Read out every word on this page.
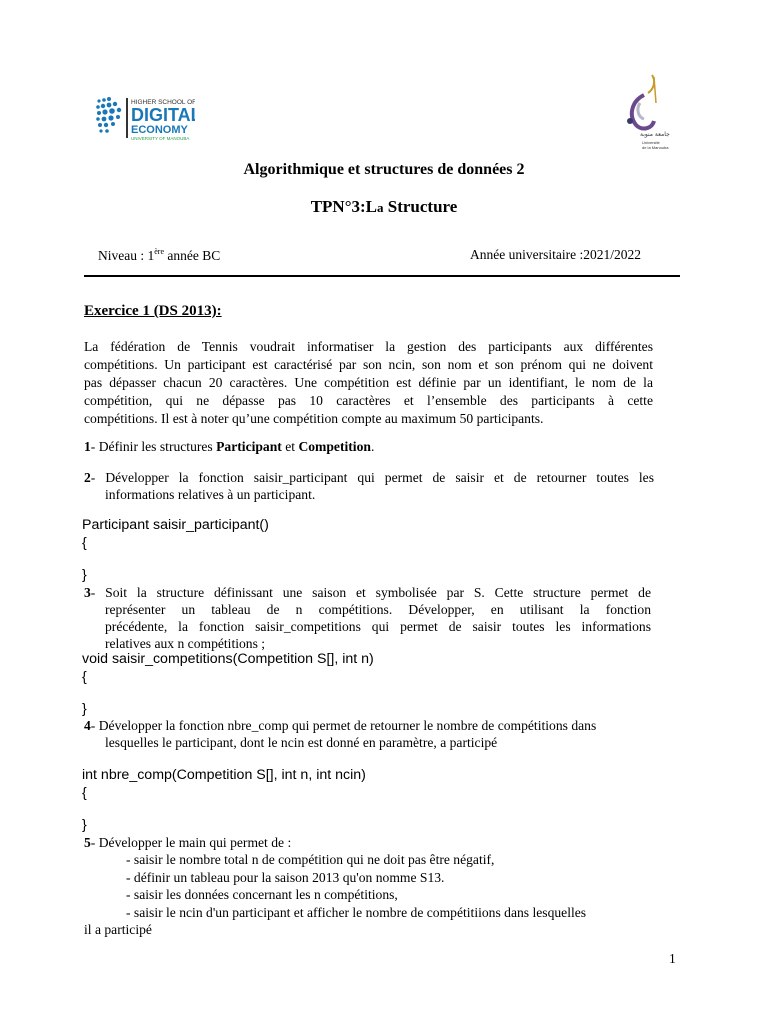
HIGHER SCHOOL OF
DIGITAL
ECONOMY
UNIVERSITY OF MANOUBA
جامعة منوبة
Université
de la Manouba
Algorithmique et structures de données 2
TPN°3:La Structure
Niveau : 1ère année BC	Année universitaire :2021/2022
Exercice 1 (DS 2013):
La fédération de Tennis voudrait informatiser la gestion des participants aux différentes
compétitions. Un participant est caractérisé par son ncin, son nom et son prénom qui ne doivent
pas dépasser chacun 20 caractères. Une compétition est définie par un identifiant, le nom de la
compétition, qui ne dépasse pas 10 caractères et l’ensemble des participants à cette
compétitions. Il est à noter qu’une compétition compte au maximum 50 participants.
1- Définir les structures Participant et Competition.
2- Développer la fonction saisir_participant qui permet de saisir et de retourner toutes les
informations relatives à un participant.
Participant saisir_participant()
{
}
3- Soit la structure définissant une saison et symbolisée par S. Cette structure permet de
représenter un tableau de n compétitions. Développer, en utilisant la fonction
précédente, la fonction saisir_competitions qui permet de saisir toutes les informations
relatives aux n compétitions ;
void saisir_competitions(Competition S[], int n)
{
}
4- Développer la fonction nbre_comp qui permet de retourner le nombre de compétitions dans
lesquelles le participant, dont le ncin est donné en paramètre, a participé
int nbre_comp(Competition S[], int n, int ncin)
{
}
5- Développer le main qui permet de :
- saisir le nombre total n de compétition qui ne doit pas être négatif,
- définir un tableau pour la saison 2013 qu'on nomme S13.
- saisir les données concernant les n compétitions,
- saisir le ncin d'un participant et afficher le nombre de compétitiions dans lesquelles
il a participé
1
